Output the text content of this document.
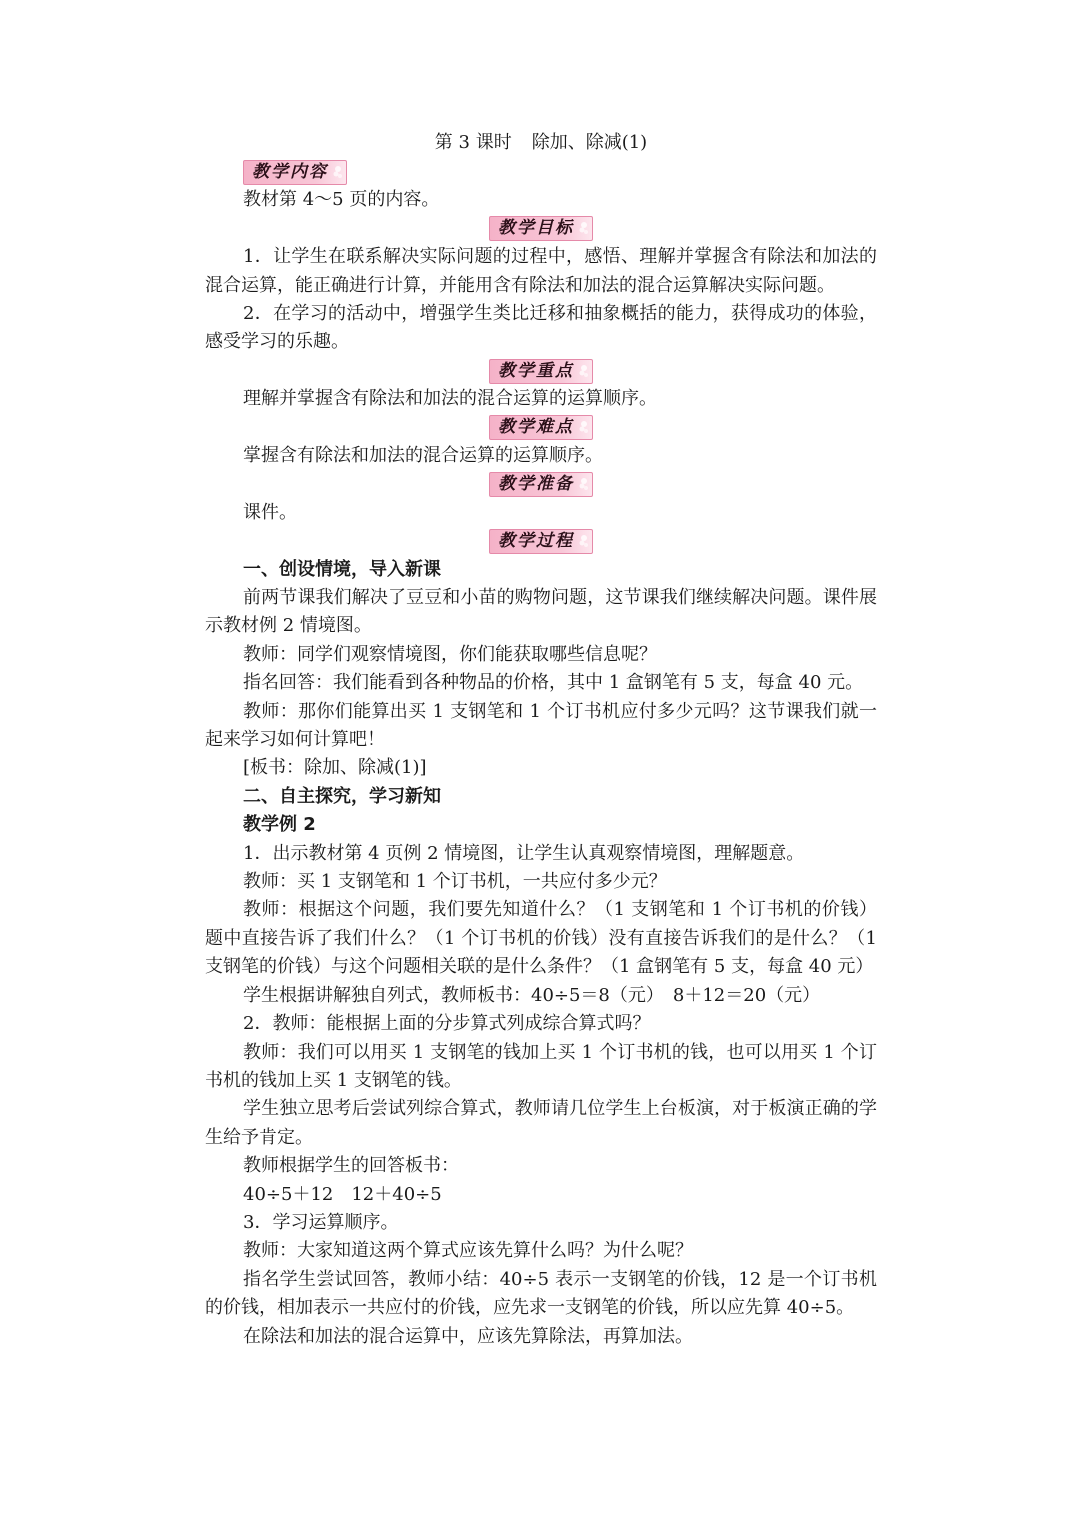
第 3 课时 除加、除减(1)
教学内容

教材第 4～5 页的内容。

教学目标

1．让学生在联系解决实际问题的过程中，感悟、理解并掌握含有除法和加法的混合运算，能正确进行计算，并能用含有除法和加法的混合运算解决实际问题。

2．在学习的活动中，增强学生类比迁移和抽象概括的能力，获得成功的体验，感受学习的乐趣。

教学重点

理解并掌握含有除法和加法的混合运算的运算顺序。

教学难点

掌握含有除法和加法的混合运算的运算顺序。

教学准备

课件。

教学过程

一、创设情境，导入新课

前两节课我们解决了豆豆和小苗的购物问题，这节课我们继续解决问题。课件展示教材例 2 情境图。

教师：同学们观察情境图，你们能获取哪些信息呢？

指名回答：我们能看到各种物品的价格，其中 1 盒钢笔有 5 支，每盒 40 元。

教师：那你们能算出买 1 支钢笔和 1 个订书机应付多少元吗？这节课我们就一起来学习如何计算吧！

[板书：除加、除减(1)]

二、自主探究，学习新知

教学例 2

1．出示教材第 4 页例 2 情境图，让学生认真观察情境图，理解题意。

教师：买 1 支钢笔和 1 个订书机，一共应付多少元？

教师：根据这个问题，我们要先知道什么？（1 支钢笔和 1 个订书机的价钱）题中直接告诉了我们什么？（1 个订书机的价钱）没有直接告诉我们的是什么？（1 支钢笔的价钱）与这个问题相关联的是什么条件？（1 盒钢笔有 5 支，每盒 40 元）

学生根据讲解独自列式，教师板书：40÷5＝8（元）　8＋12＝20（元）

2．教师：能根据上面的分步算式列成综合算式吗？

教师：我们可以用买 1 支钢笔的钱加上买 1 个订书机的钱，也可以用买 1 个订书机的钱加上买 1 支钢笔的钱。

学生独立思考后尝试列综合算式，教师请几位学生上台板演，对于板演正确的学生给予肯定。

教师根据学生的回答板书：

40÷5＋12　12＋40÷5

3．学习运算顺序。

教师：大家知道这两个算式应该先算什么吗？为什么呢？

指名学生尝试回答，教师小结：40÷5 表示一支钢笔的价钱，12 是一个订书机的价钱，相加表示一共应付的价钱，应先求一支钢笔的价钱，所以应先算 40÷5。

在除法和加法的混合运算中，应该先算除法，再算加法。
